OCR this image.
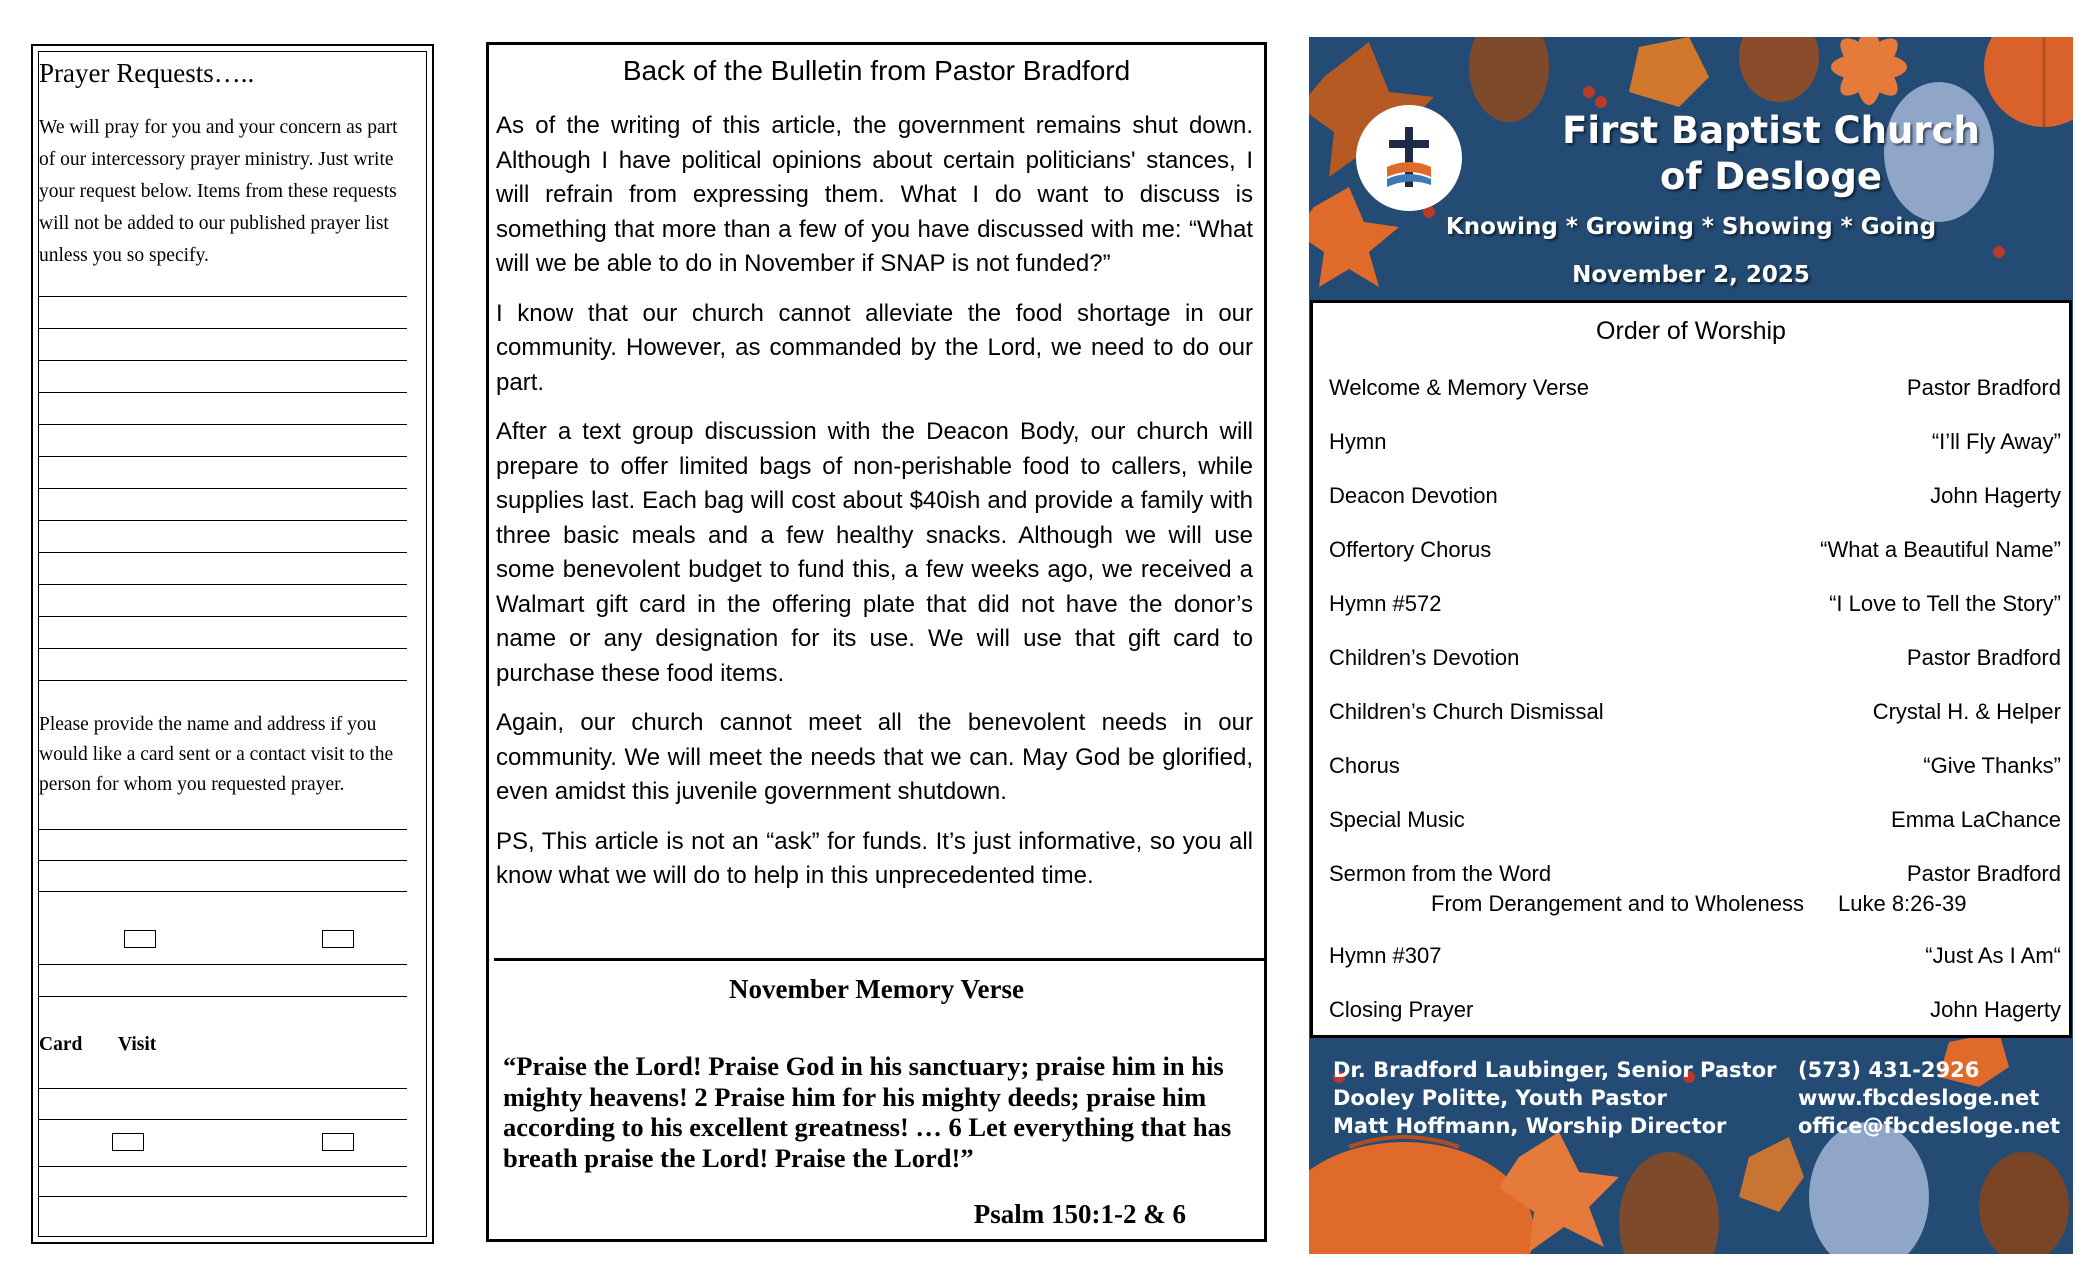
Prayer Requests…..
We will pray for you and your concern as part of our intercessory prayer ministry. Just write your request below. Items from these requests will not be added to our published prayer list unless you so specify.
Please provide the name and address if you would like a card sent or a contact visit to the person for whom you requested prayer.
Card Visit
Back of the Bulletin from Pastor Bradford

As of the writing of this article, the government remains shut down. Although I have political opinions about certain politicians' stances, I will refrain from expressing them. What I do want to discuss is something that more than a few of you have discussed with me: “What will we be able to do in November if SNAP is not funded?”

I know that our church cannot alleviate the food shortage in our community. However, as commanded by the Lord, we need to do our part.

After a text group discussion with the Deacon Body, our church will prepare to offer limited bags of non-perishable food to callers, while supplies last. Each bag will cost about $40ish and provide a family with three basic meals and a few healthy snacks. Although we will use some benevolent budget to fund this, a few weeks ago, we received a Walmart gift card in the offering plate that did not have the donor’s name or any designation for its use. We will use that gift card to purchase these food items.

Again, our church cannot meet all the benevolent needs in our community. We will meet the needs that we can. May God be glorified, even amidst this juvenile government shutdown.

PS, This article is not an “ask” for funds. It’s just informative, so you all know what we will do to help in this unprecedented time.

November Memory Verse
“Praise the Lord! Praise God in his sanctuary; praise him in his mighty heavens! 2 Praise him for his mighty deeds; praise him according to his excellent greatness! … 6 Let everything that has breath praise the Lord! Praise the Lord!”
Psalm 150:1-2 & 6
First Baptist Church
of Desloge
Knowing * Growing * Showing * Going
November 2, 2025
Dr. Bradford Laubinger, Senior Pastor
Dooley Politte, Youth Pastor
Matt Hoffmann, Worship Director
(573) 431-2926
www.fbcdesloge.net
office@fbcdesloge.net
Order of Worship
Welcome & Memory Verse	Pastor Bradford
Hymn	“I’ll Fly Away”
Deacon Devotion	John Hagerty
Offertory Chorus	“What a Beautiful Name”
Hymn #572	“I Love to Tell the Story”
Children’s Devotion	Pastor Bradford
Children’s Church Dismissal	Crystal H. & Helper
Chorus	“Give Thanks”
Special Music	Emma LaChance
Sermon from the Word	Pastor Bradford
From Derangement and to Wholeness Luke 8:26-39
Hymn #307	“Just As I Am“
Closing Prayer	John Hagerty
